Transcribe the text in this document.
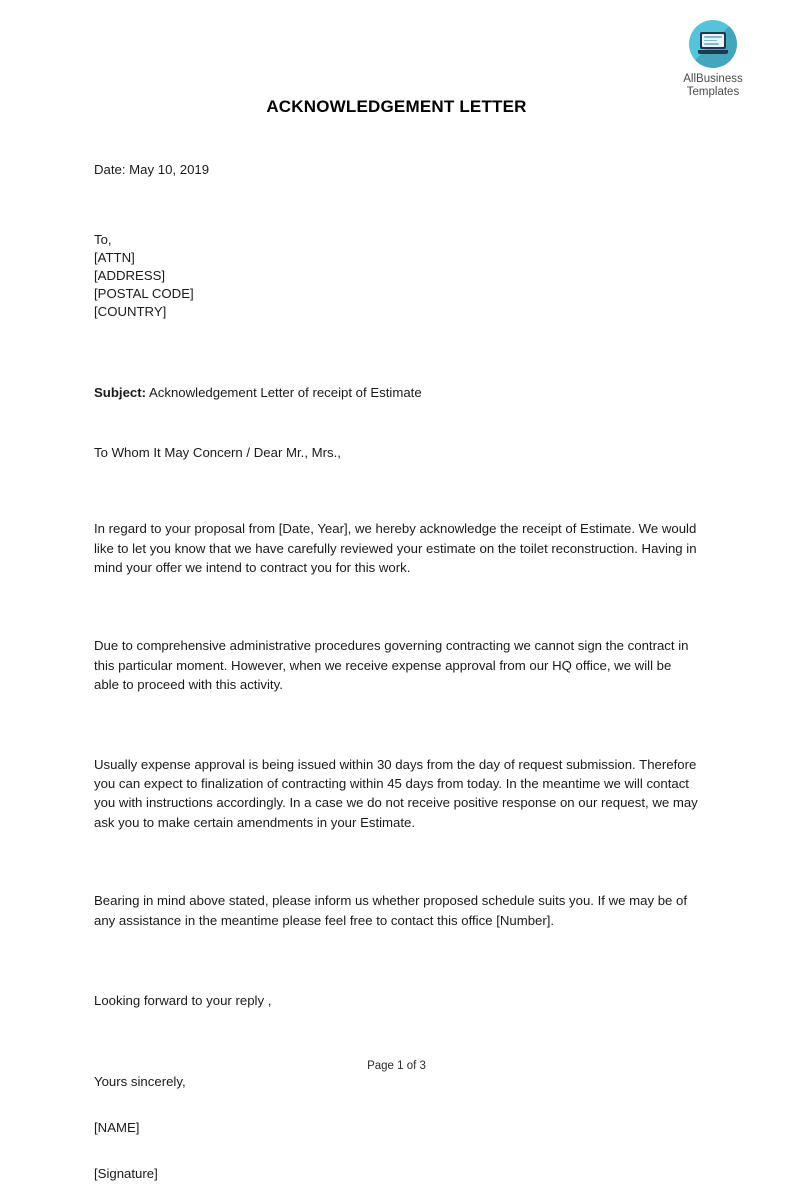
AllBusiness
Templates
ACKNOWLEDGEMENT LETTER

Date: May 10, 2019

To,

[ATTN]

[ADDRESS]

[POSTAL CODE]

[COUNTRY]

Subject: Acknowledgement Letter of receipt of Estimate

To Whom It May Concern / Dear Mr., Mrs.,

In regard to your proposal from [Date, Year], we hereby acknowledge the receipt of Estimate. We would like to let you know that we have carefully reviewed your estimate on the toilet reconstruction. Having in mind your offer we intend to contract you for this work.

Due to comprehensive administrative procedures governing contracting we cannot sign the contract in this particular moment. However, when we receive expense approval from our HQ office, we will be able to proceed with this activity.

Usually expense approval is being issued within 30 days from the day of request submission. Therefore you can expect to finalization of contracting within 45 days from today. In the meantime we will contact you with instructions accordingly. In a case we do not receive positive response on our request, we may ask you to make certain amendments in your Estimate.

Bearing in mind above stated, please inform us whether proposed schedule suits you. If we may be of any assistance in the meantime please feel free to contact this office [Number].

Looking forward to your reply ,

Yours sincerely,

[NAME]

[Signature]

Page 1 of 3
